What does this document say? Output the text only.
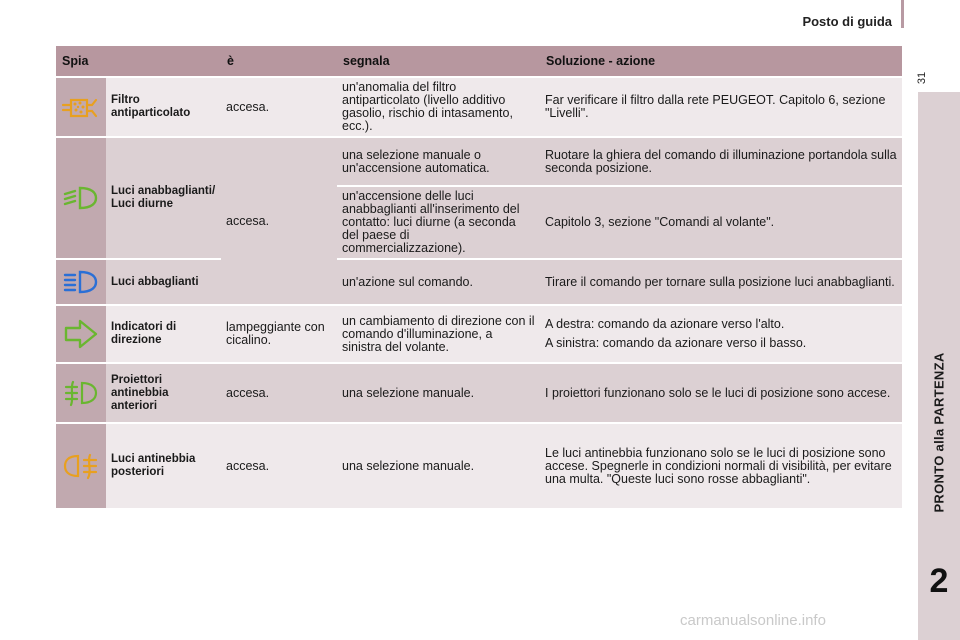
Posto di guida
31
PRONTO alla PARTENZA
2
Spia		è	segnala	Soluzione - azione

	Filtro antiparticolato	accesa.	un'anomalia del filtro antiparticolato (livello additivo gasolio, rischio di intasamento, ecc.).	Far verificare il filtro dalla rete PEUGEOT. Capitolo 6, sezione "Livelli".

	Luci anabbaglianti/ Luci diurne	accesa.	una selezione manuale o un'accensione automatica.	Ruotare la ghiera del comando di illuminazione portandola sulla seconda posizione.
			un'accensione delle luci anabbaglianti all'inserimento del contatto: luci diurne (a seconda del paese di commercializzazione).	Capitolo 3, sezione "Comandi al volante".

	Luci abbaglianti		un'azione sul comando.	Tirare il comando per tornare sulla posizione luci anabbaglianti.

	Indicatori di direzione	lampeggiante con cicalino.	un cambiamento di direzione con il comando d'illuminazione, a sinistra del volante.	A destra: comando da azionare verso l'alto.
A sinistra: comando da azionare verso il basso.

	Proiettori antinebbia anteriori	accesa.	una selezione manuale.	I proiettori funzionano solo se le luci di posizione sono accese.

	Luci antinebbia posteriori	accesa.	una selezione manuale.	Le luci antinebbia funzionano solo se le luci di posizione sono accese. Spegnerle in condizioni normali di visibilità, per evitare una multa. "Queste luci sono rosse abbaglianti".
carmanualsonline.info
